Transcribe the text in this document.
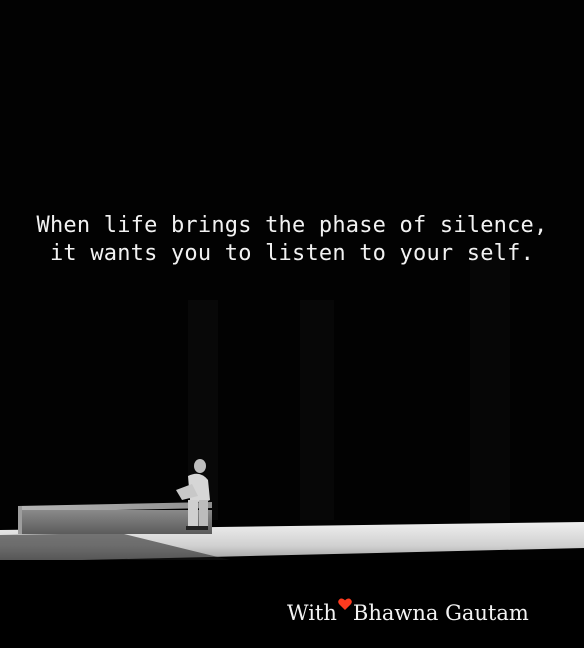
When life brings the phase of silence,
it wants you to listen to your self.
With Bhawna Gautam
